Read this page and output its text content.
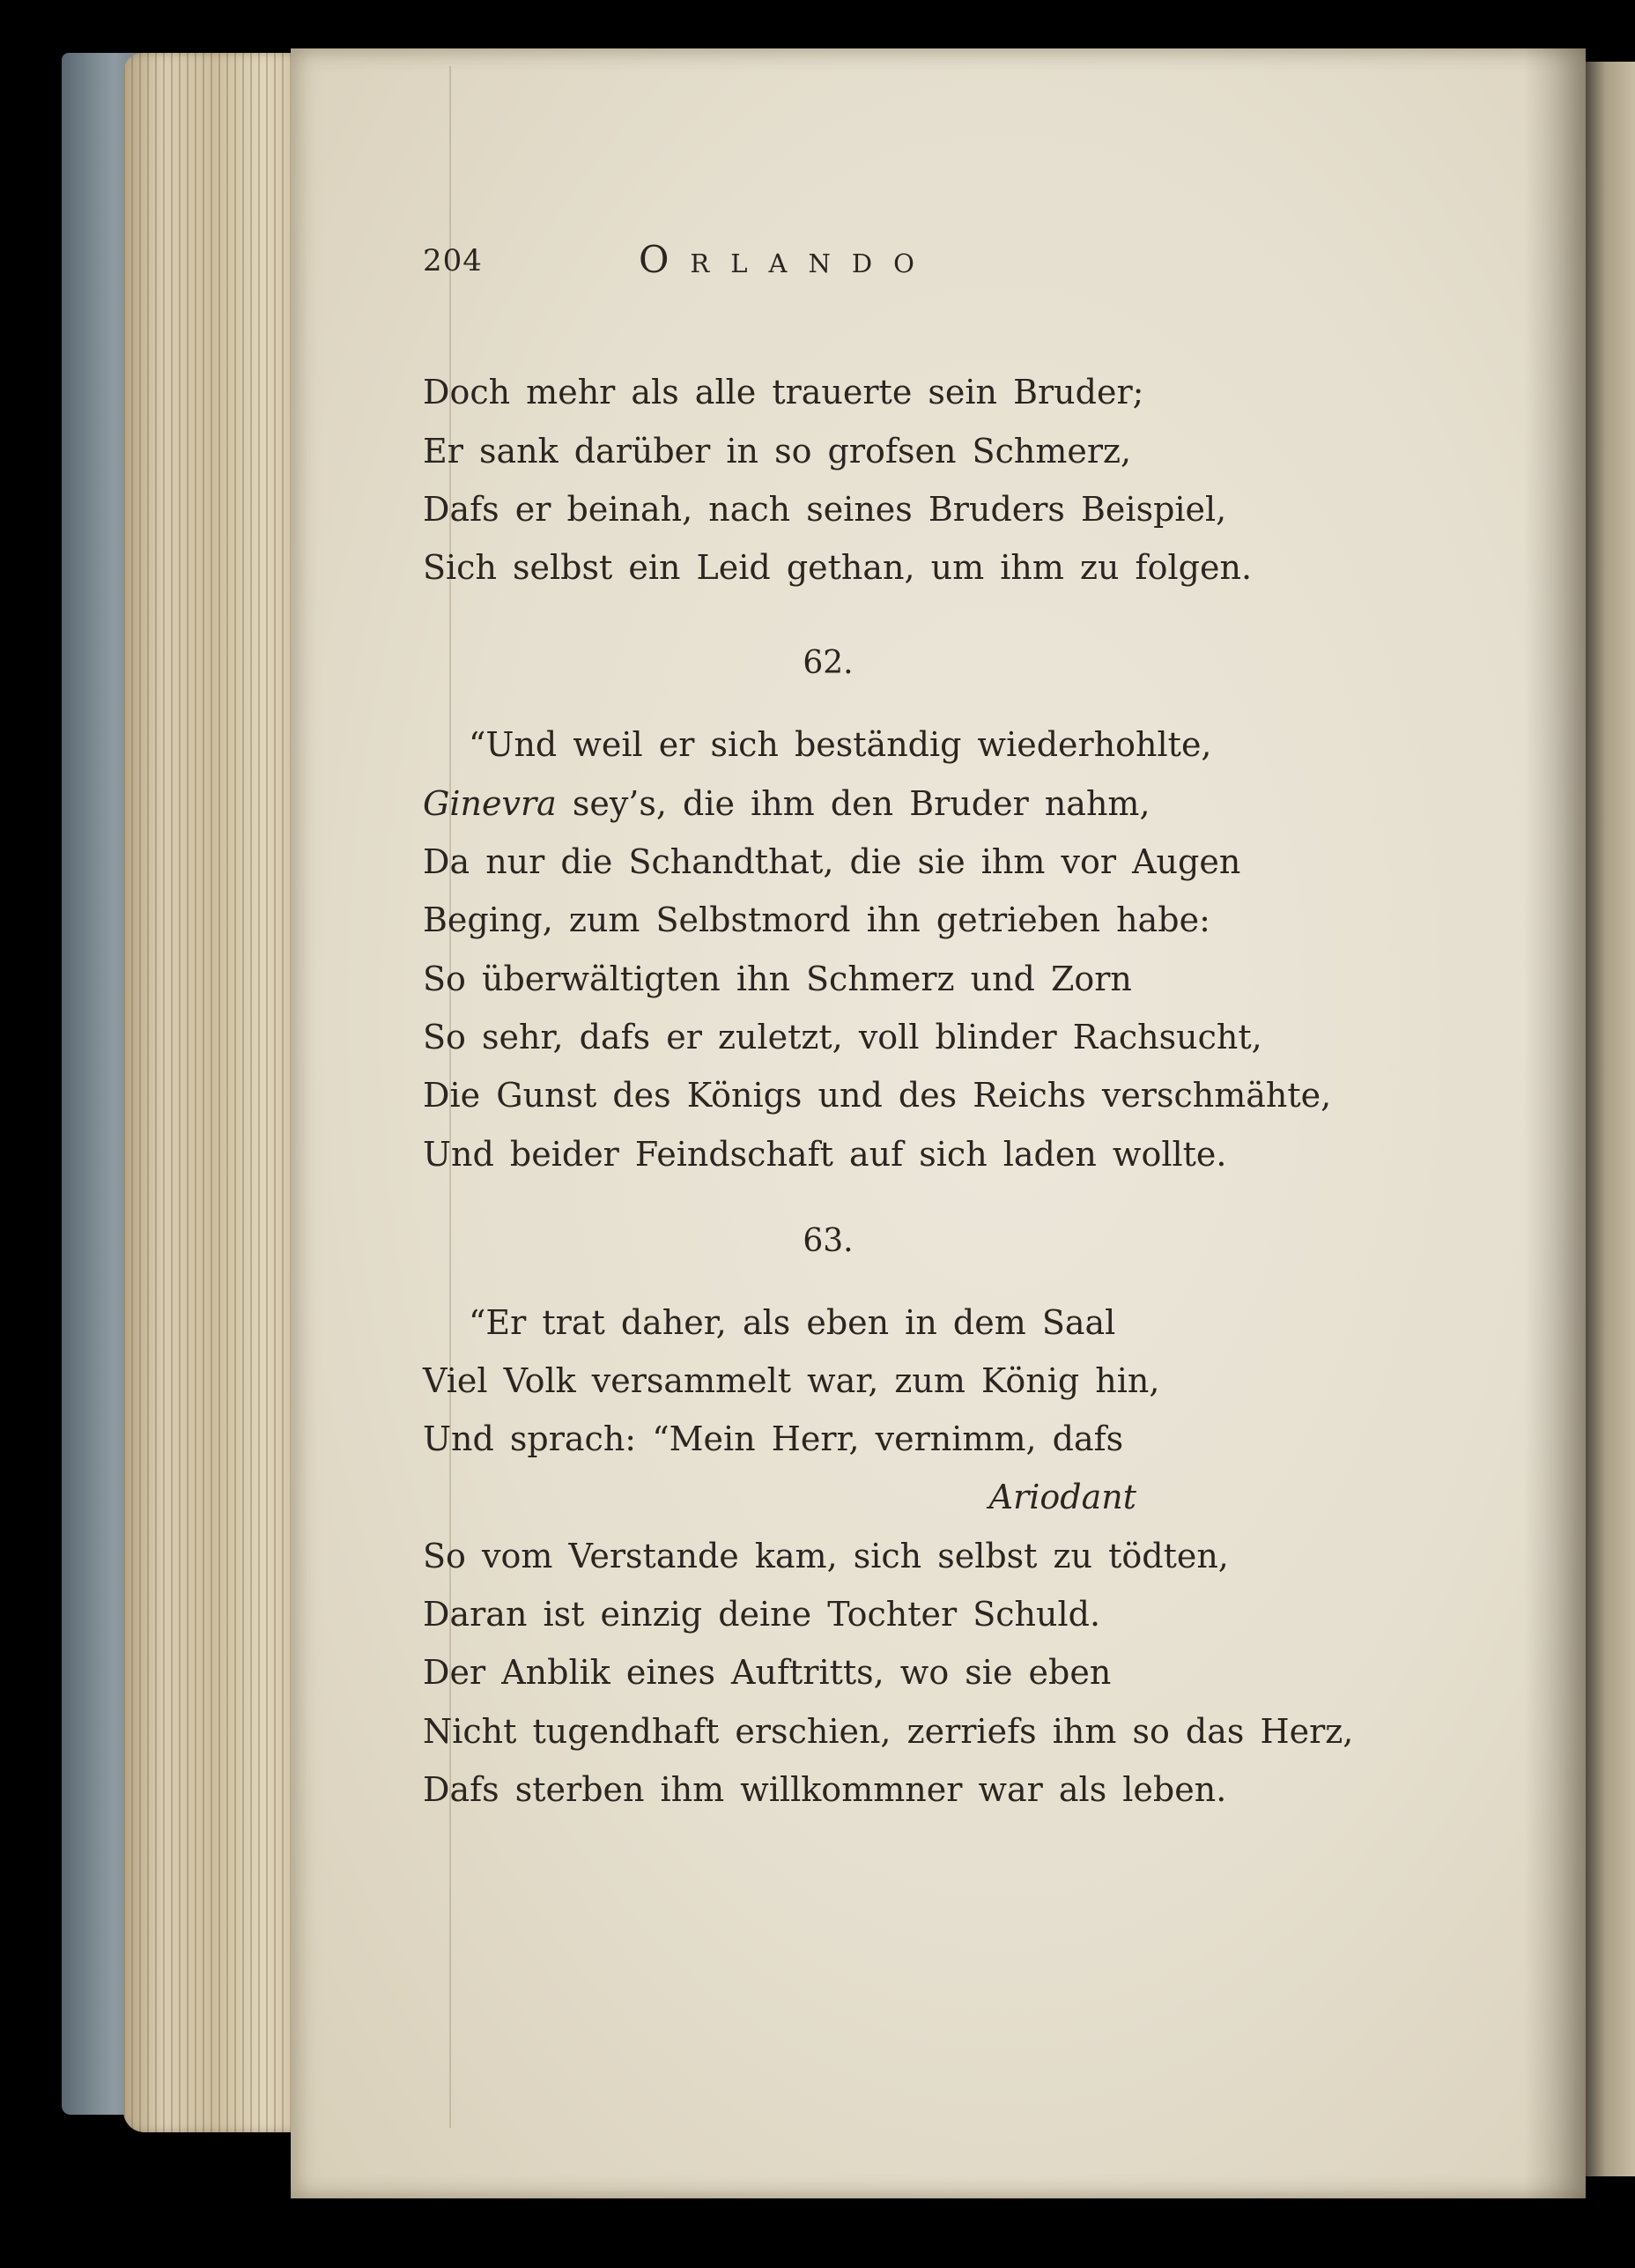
204	Orlando
Doch mehr als alle trauerte sein Bruder;
Er sank darüber in so grofsen Schmerz,
Dafs er beinah, nach seines Bruders Beispiel,
Sich selbst ein Leid gethan, um ihm zu folgen.
62.
“Und weil er sich beständig wiederhohlte,
Ginevra sey’s, die ihm den Bruder nahm,
Da nur die Schandthat, die sie ihm vor Augen
Beging, zum Selbstmord ihn getrieben habe:
So überwältigten ihn Schmerz und Zorn
So sehr, dafs er zuletzt, voll blinder Rachsucht,
Die Gunst des Königs und des Reichs verschmähte,
Und beider Feindschaft auf sich laden wollte.
63.
“Er trat daher, als eben in dem Saal
Viel Volk versammelt war, zum König hin,
Und sprach: “Mein Herr, vernimm, dafs
Ariodant
So vom Verstande kam, sich selbst zu tödten,
Daran ist einzig deine Tochter Schuld.
Der Anblik eines Auftritts, wo sie eben
Nicht tugendhaft erschien, zerriefs ihm so das Herz,
Dafs sterben ihm willkommner war als leben.
